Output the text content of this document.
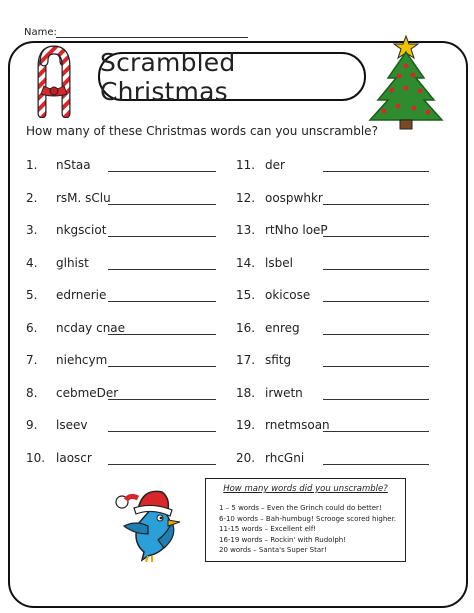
Name:
Scrambled Christmas
How many of these Christmas words can you unscramble?
1. nStaa
2. rsM. sClu
3. nkgsciot
4. glhist
5. edrnerie
6. ncday cnae
7. niehcym
8. cebmeDer
9. lseev
10. laoscr
11. der
12. oospwhkr
13. rtNho loeP
14. lsbel
15. okicose
16. enreg
17. sfitg
18. irwetn
19. rnetmsoan
20. rhcGni
How many words did you unscramble?
1 – 5 words – Even the Grinch could do better!
6-10 words – Bah-humbug! Scrooge scored higher.
11-15 words – Excellent elf!
16-19 words – Rockin' with Rudolph!
20 words – Santa's Super Star!
